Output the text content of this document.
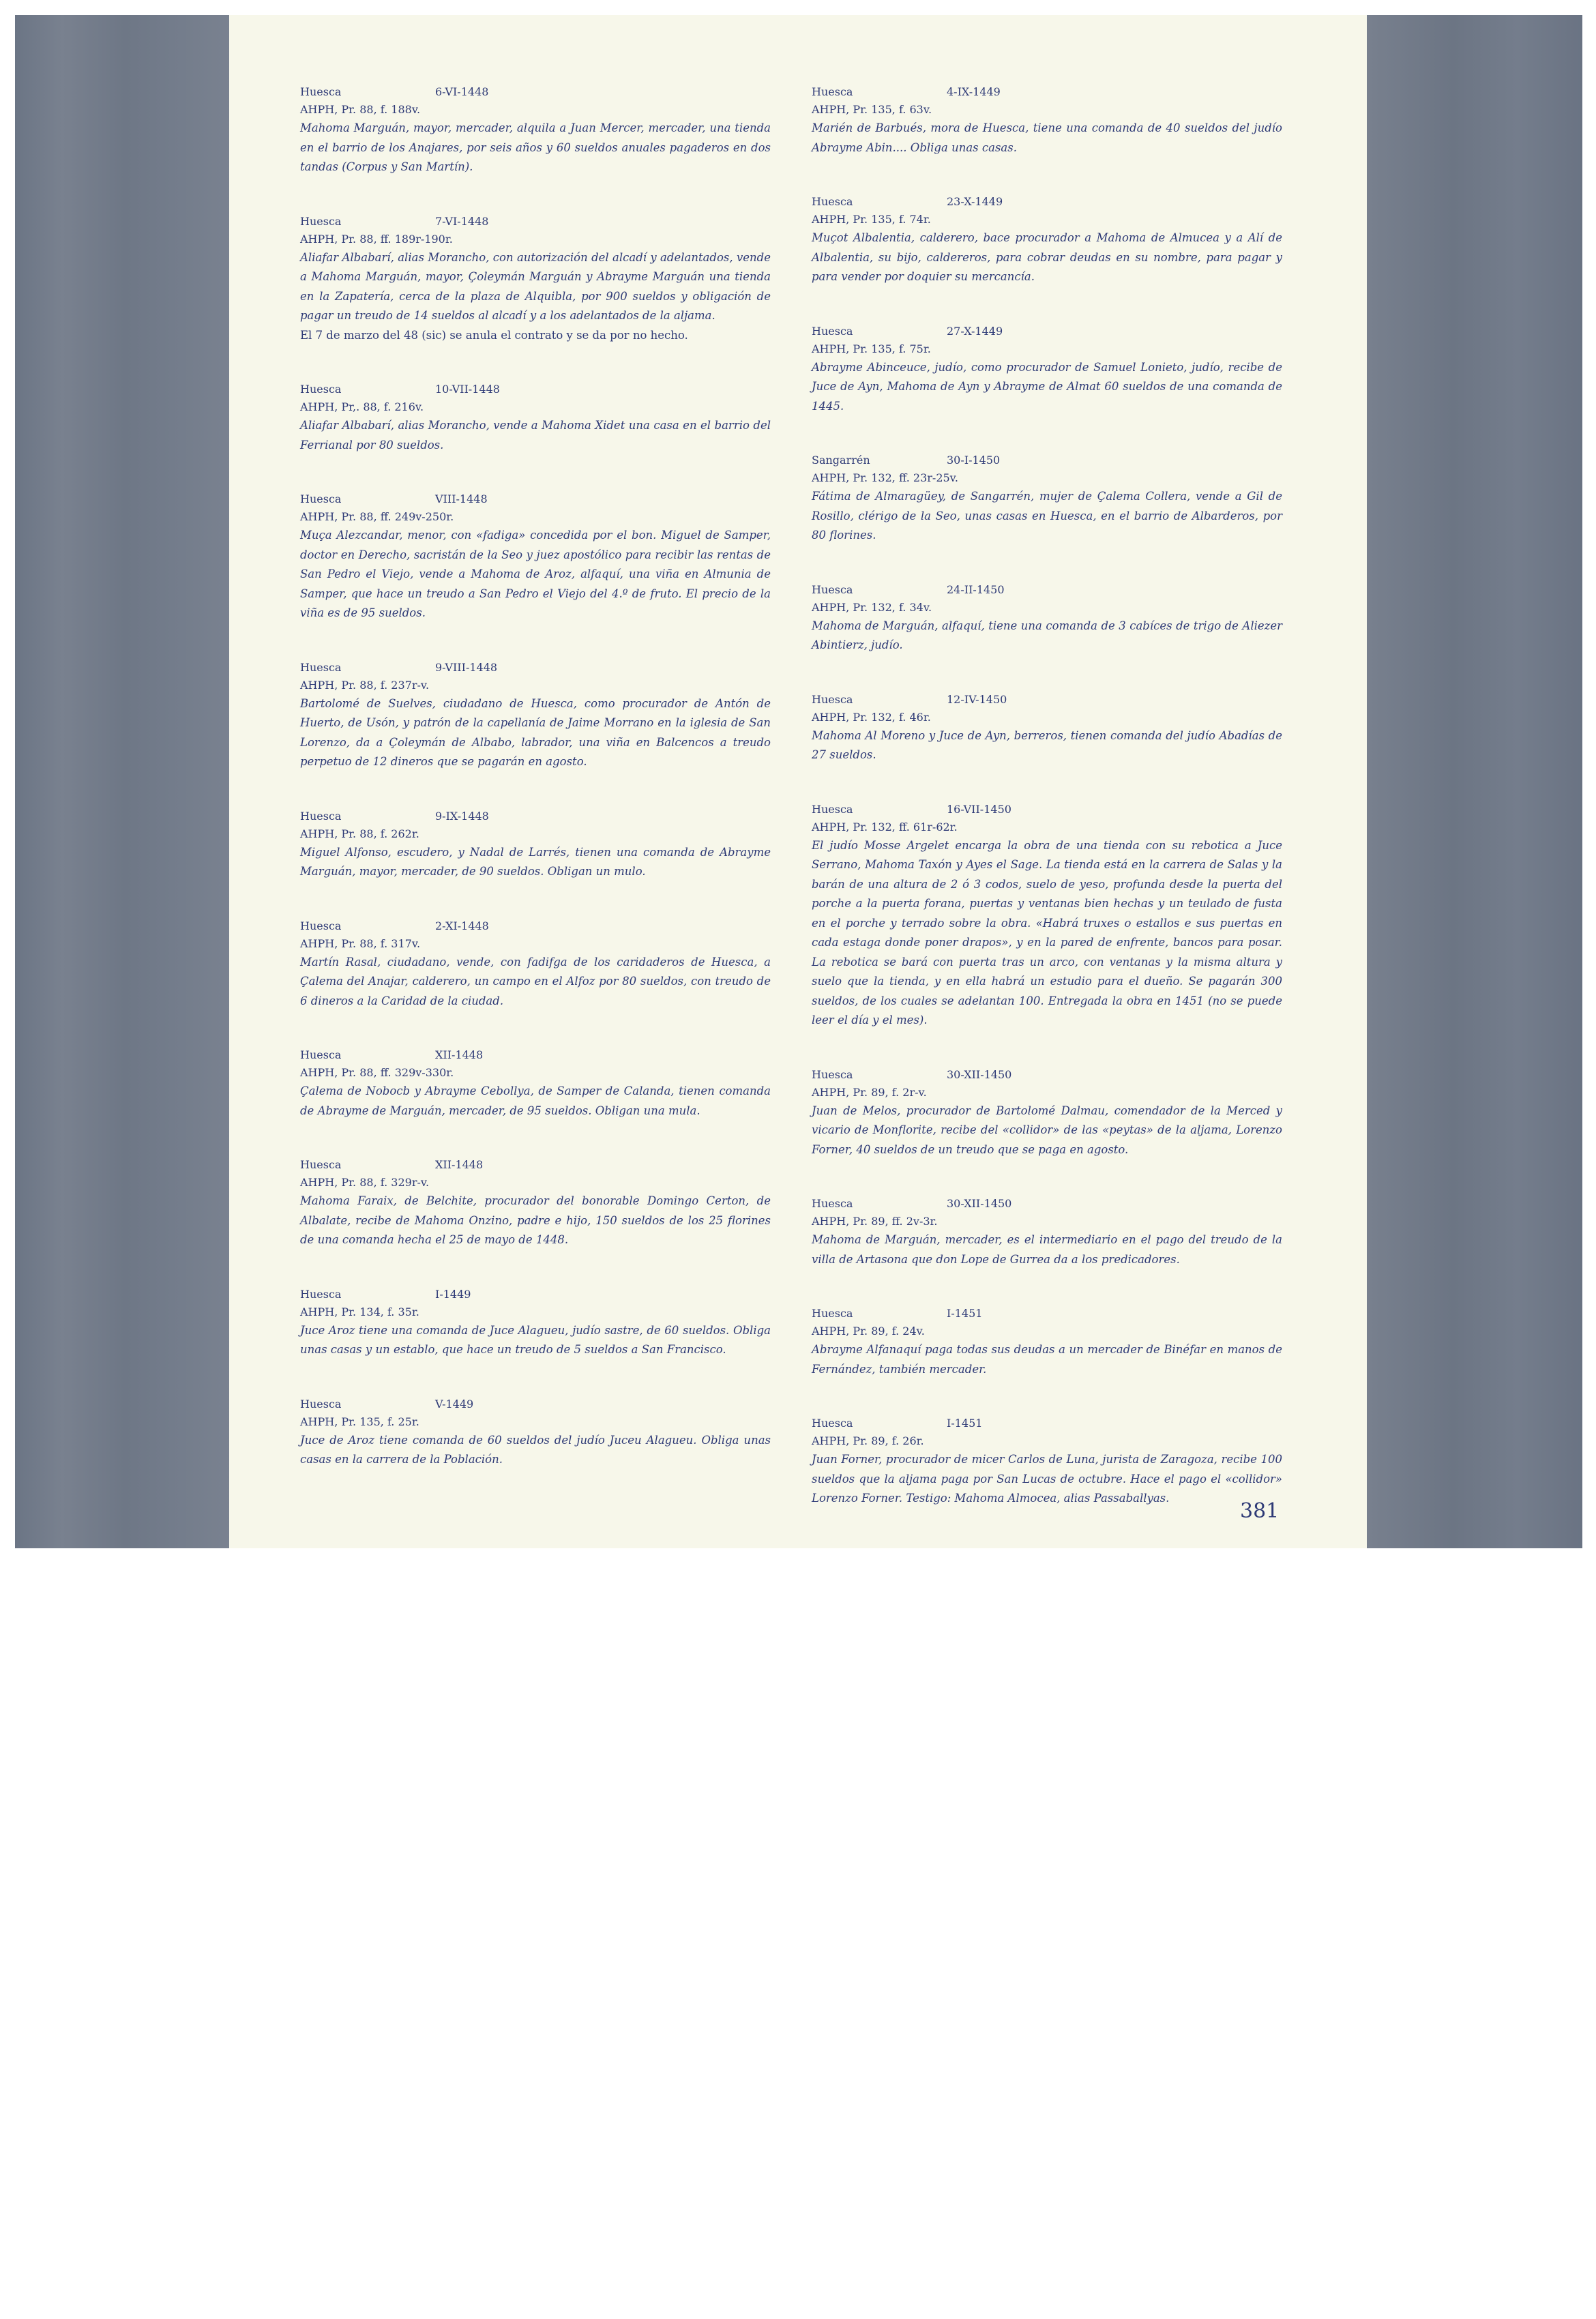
Huesca	6-VI-1448
AHPH, Pr. 88, f. 188v.
Mahoma Marguán, mayor, mercader, alquila a Juan Mercer, mercader, una tienda en el barrio de los Anajares, por seis años y 60 sueldos anuales pagaderos en dos tandas (Corpus y San Martín).
Huesca	7-VI-1448
AHPH, Pr. 88, ff. 189r-190r.
Aliafar Albabarí, alias Morancho, con autorización del alcadí y adelantados, vende a Mahoma Marguán, mayor, Çoleymán Marguán y Abrayme Marguán una tienda en la Zapatería, cerca de la plaza de Alquibla, por 900 sueldos y obligación de pagar un treudo de 14 sueldos al alcadí y a los adelantados de la aljama.
El 7 de marzo del 48 (sic) se anula el contrato y se da por no hecho.
Huesca	10-VII-1448
AHPH, Pr,. 88, f. 216v.
Aliafar Albabarí, alias Morancho, vende a Mahoma Xidet una casa en el barrio del Ferrianal por 80 sueldos.
Huesca	VIII-1448
AHPH, Pr. 88, ff. 249v-250r.
Muça Alezcandar, menor, con «fadiga» concedida por el bon. Miguel de Samper, doctor en Derecho, sacristán de la Seo y juez apostólico para recibir las rentas de San Pedro el Viejo, vende a Mahoma de Aroz, alfaquí, una viña en Almunia de Samper, que hace un treudo a San Pedro el Viejo del 4.º de fruto. El precio de la viña es de 95 sueldos.
Huesca	9-VIII-1448
AHPH, Pr. 88, f. 237r-v.
Bartolomé de Suelves, ciudadano de Huesca, como procurador de Antón de Huerto, de Usón, y patrón de la capellanía de Jaime Morrano en la iglesia de San Lorenzo, da a Çoleymán de Albabo, labrador, una viña en Balcencos a treudo perpetuo de 12 dineros que se pagarán en agosto.
Huesca	9-IX-1448
AHPH, Pr. 88, f. 262r.
Miguel Alfonso, escudero, y Nadal de Larrés, tienen una comanda de Abrayme Marguán, mayor, mercader, de 90 sueldos. Obligan un mulo.
Huesca	2-XI-1448
AHPH, Pr. 88, f. 317v.
Martín Rasal, ciudadano, vende, con fadifga de los caridaderos de Huesca, a Çalema del Anajar, calderero, un campo en el Alfoz por 80 sueldos, con treudo de 6 dineros a la Caridad de la ciudad.
Huesca	XII-1448
AHPH, Pr. 88, ff. 329v-330r.
Çalema de Nobocb y Abrayme Cebollya, de Samper de Calanda, tienen comanda de Abrayme de Marguán, mercader, de 95 sueldos. Obligan una mula.
Huesca	XII-1448
AHPH, Pr. 88, f. 329r-v.
Mahoma Faraix, de Belchite, procurador del bonorable Domingo Certon, de Albalate, recibe de Mahoma Onzino, padre e hijo, 150 sueldos de los 25 florines de una comanda hecha el 25 de mayo de 1448.
Huesca	I-1449
AHPH, Pr. 134, f. 35r.
Juce Aroz tiene una comanda de Juce Alagueu, judío sastre, de 60 sueldos. Obliga unas casas y un establo, que hace un treudo de 5 sueldos a San Francisco.
Huesca	V-1449
AHPH, Pr. 135, f. 25r.
Juce de Aroz tiene comanda de 60 sueldos del judío Juceu Alagueu. Obliga unas casas en la carrera de la Población.
Huesca	4-IX-1449
AHPH, Pr. 135, f. 63v.
Marién de Barbués, mora de Huesca, tiene una comanda de 40 sueldos del judío Abrayme Abin.... Obliga unas casas.
Huesca	23-X-1449
AHPH, Pr. 135, f. 74r.
Muçot Albalentia, calderero, bace procurador a Mahoma de Almucea y a Alí de Albalentia, su bijo, caldereros, para cobrar deudas en su nombre, para pagar y para vender por doquier su mercancía.
Huesca	27-X-1449
AHPH, Pr. 135, f. 75r.
Abrayme Abinceuce, judío, como procurador de Samuel Lonieto, judío, recibe de Juce de Ayn, Mahoma de Ayn y Abrayme de Almat 60 sueldos de una comanda de 1445.
Sangarrén	30-I-1450
AHPH, Pr. 132, ff. 23r-25v.
Fátima de Almaragüey, de Sangarrén, mujer de Çalema Collera, vende a Gil de Rosillo, clérigo de la Seo, unas casas en Huesca, en el barrio de Albarderos, por 80 florines.
Huesca	24-II-1450
AHPH, Pr. 132, f. 34v.
Mahoma de Marguán, alfaquí, tiene una comanda de 3 cabíces de trigo de Aliezer Abintierz, judío.
Huesca	12-IV-1450
AHPH, Pr. 132, f. 46r.
Mahoma Al Moreno y Juce de Ayn, berreros, tienen comanda del judío Abadías de 27 sueldos.
Huesca	16-VII-1450
AHPH, Pr. 132, ff. 61r-62r.
El judío Mosse Argelet encarga la obra de una tienda con su rebotica a Juce Serrano, Mahoma Taxón y Ayes el Sage. La tienda está en la carrera de Salas y la barán de una altura de 2 ó 3 codos, suelo de yeso, profunda desde la puerta del porche a la puerta forana, puertas y ventanas bien hechas y un teulado de fusta en el porche y terrado sobre la obra. «Habrá truxes o estallos e sus puertas en cada estaga donde poner drapos», y en la pared de enfrente, bancos para posar. La rebotica se bará con puerta tras un arco, con ventanas y la misma altura y suelo que la tienda, y en ella habrá un estudio para el dueño. Se pagarán 300 sueldos, de los cuales se adelantan 100. Entregada la obra en 1451 (no se puede leer el día y el mes).
Huesca	30-XII-1450
AHPH, Pr. 89, f. 2r-v.
Juan de Melos, procurador de Bartolomé Dalmau, comendador de la Merced y vicario de Monflorite, recibe del «collidor» de las «peytas» de la aljama, Lorenzo Forner, 40 sueldos de un treudo que se paga en agosto.
Huesca	30-XII-1450
AHPH, Pr. 89, ff. 2v-3r.
Mahoma de Marguán, mercader, es el intermediario en el pago del treudo de la villa de Artasona que don Lope de Gurrea da a los predicadores.
Huesca	I-1451
AHPH, Pr. 89, f. 24v.
Abrayme Alfanaquí paga todas sus deudas a un mercader de Binéfar en manos de Fernández, también mercader.
Huesca	I-1451
AHPH, Pr. 89, f. 26r.
Juan Forner, procurador de micer Carlos de Luna, jurista de Zaragoza, recibe 100 sueldos que la aljama paga por San Lucas de octubre. Hace el pago el «collidor» Lorenzo Forner. Testigo: Mahoma Almocea, alias Passaballyas.
381
